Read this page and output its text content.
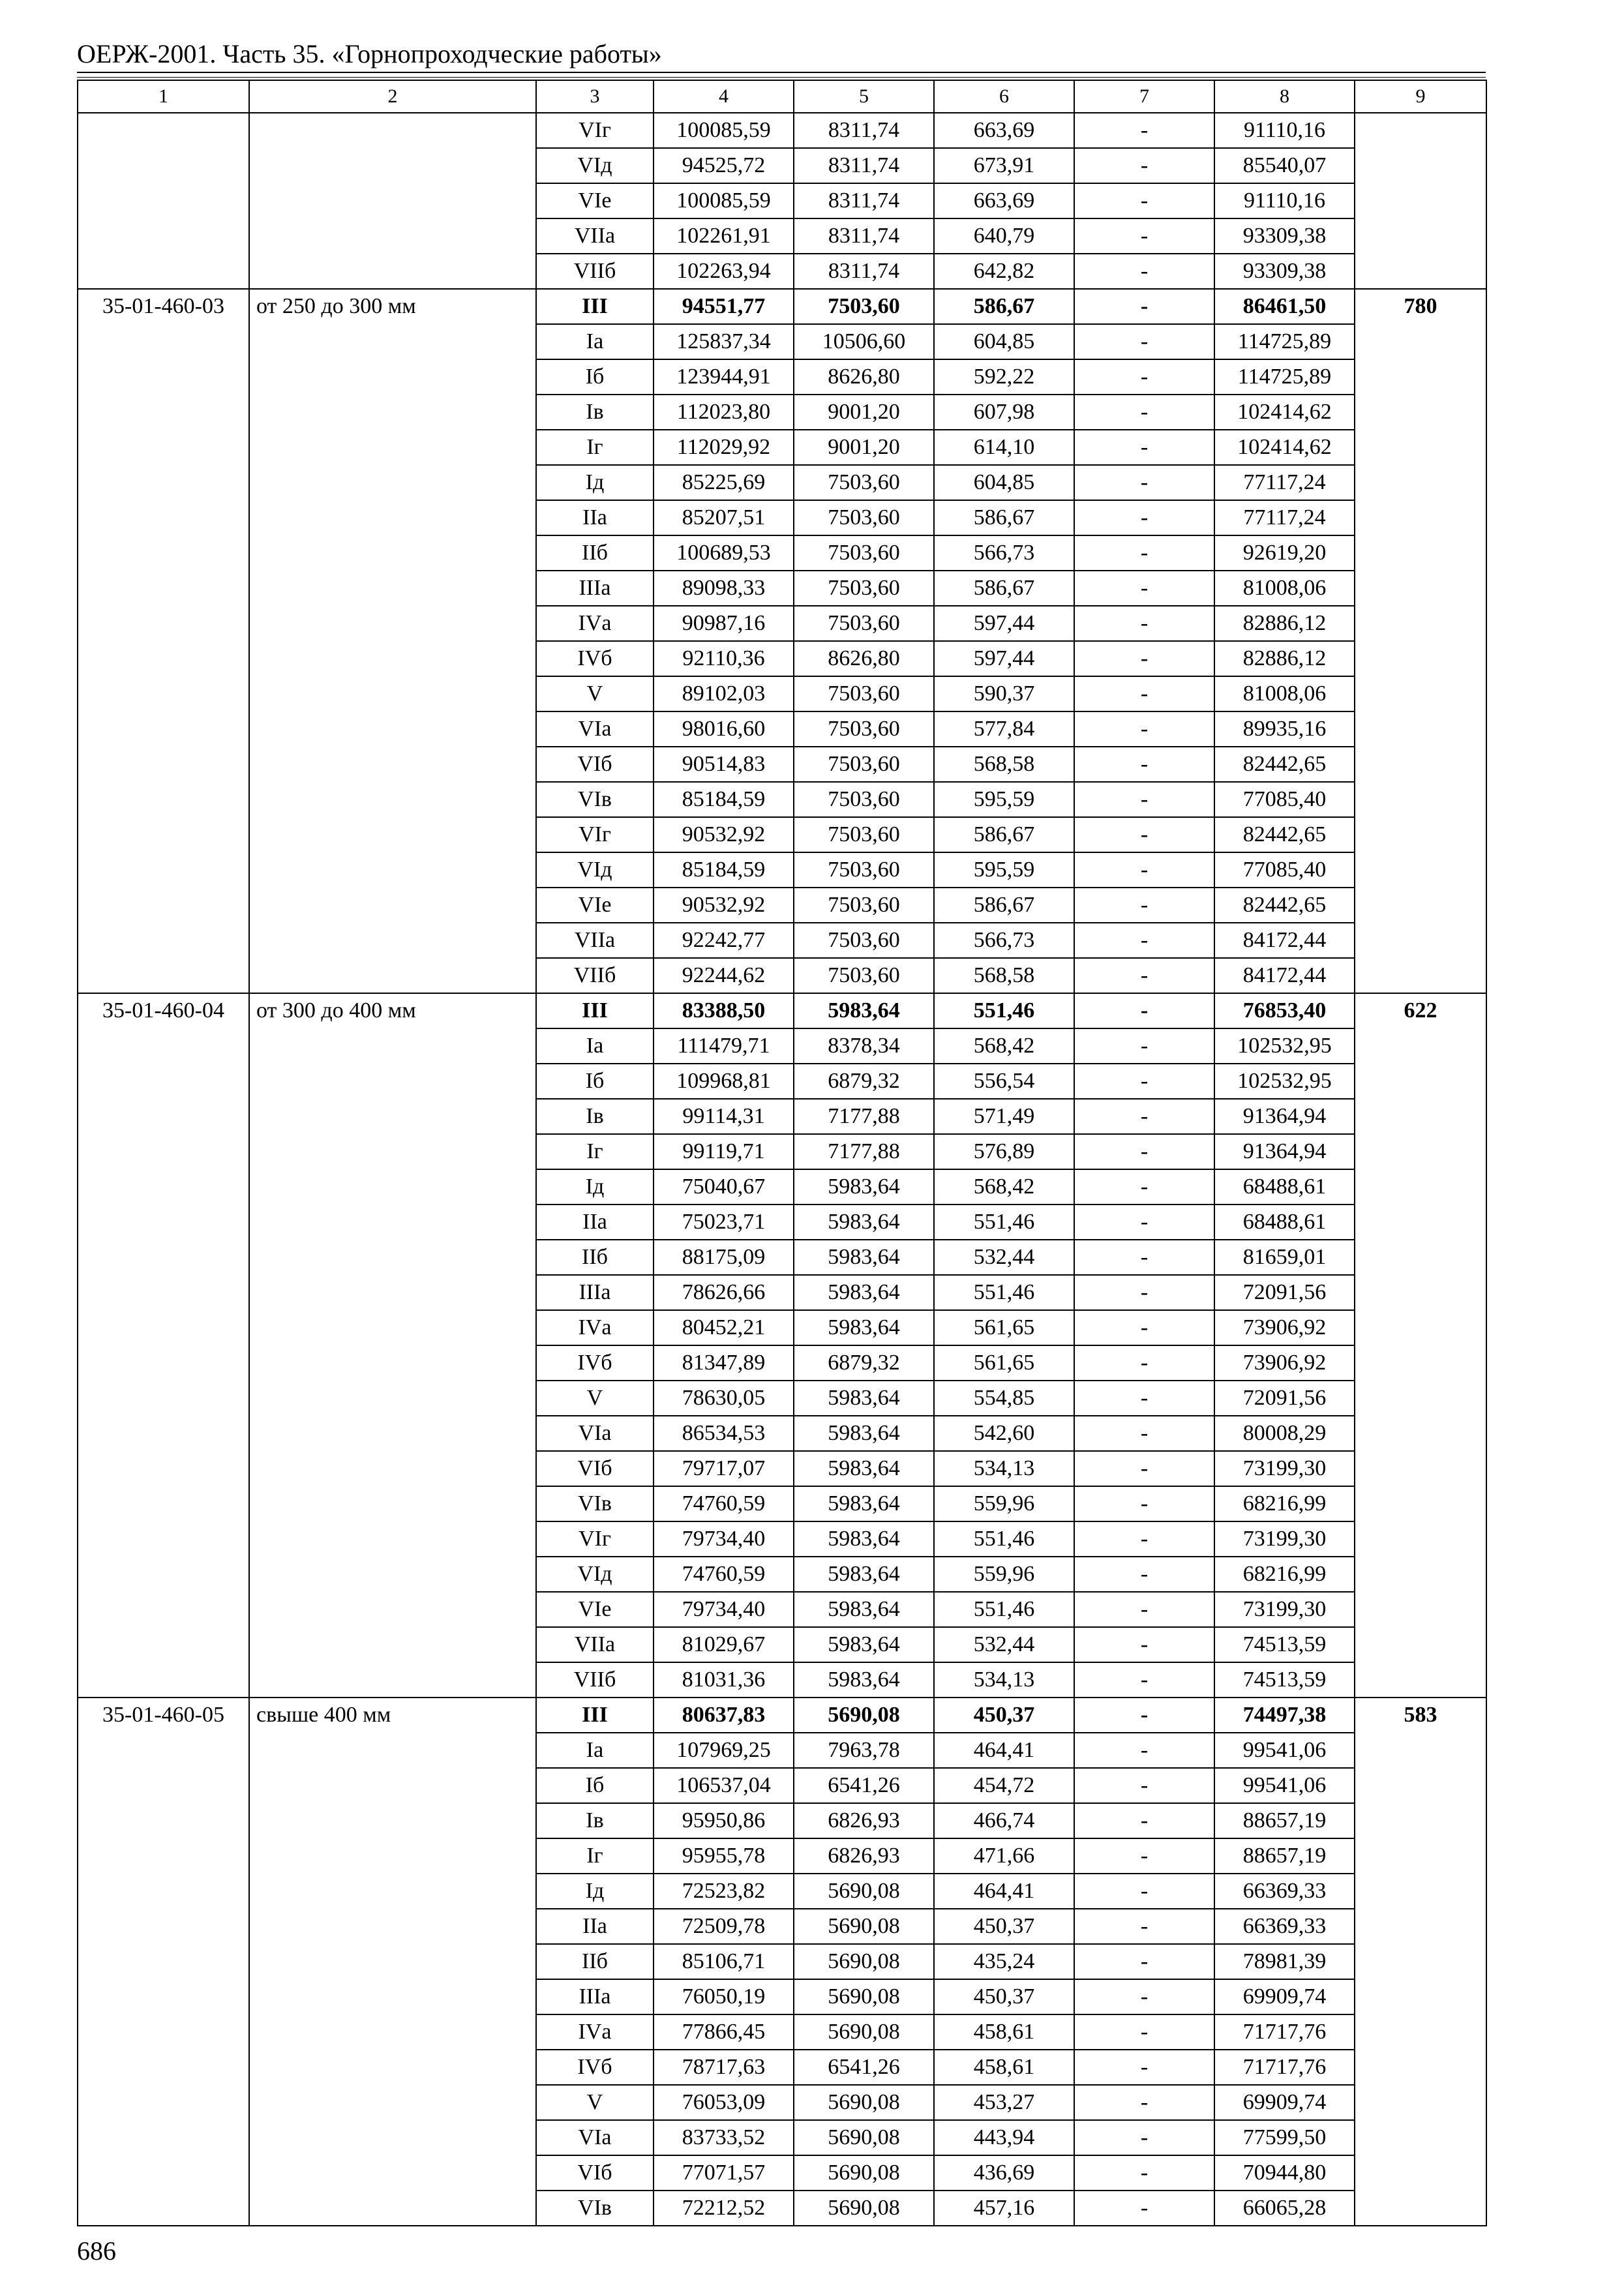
ОЕРЖ-2001. Часть 35. «Горнопроходческие работы»
1	2	3	4	5	6	7	8	9
		VIг	100085,59	8311,74	663,69	-	91110,16	
		VIд	94525,72	8311,74	673,91	-	85540,07	
		VIе	100085,59	8311,74	663,69	-	91110,16	
		VIIа	102261,91	8311,74	640,79	-	93309,38	
		VIIб	102263,94	8311,74	642,82	-	93309,38	
35-01-460-03	от 250 до 300 мм	III	94551,77	7503,60	586,67	-	86461,50	780
		Iа	125837,34	10506,60	604,85	-	114725,89	
		Iб	123944,91	8626,80	592,22	-	114725,89	
		Iв	112023,80	9001,20	607,98	-	102414,62	
		Iг	112029,92	9001,20	614,10	-	102414,62	
		Iд	85225,69	7503,60	604,85	-	77117,24	
		IIа	85207,51	7503,60	586,67	-	77117,24	
		IIб	100689,53	7503,60	566,73	-	92619,20	
		IIIа	89098,33	7503,60	586,67	-	81008,06	
		IVа	90987,16	7503,60	597,44	-	82886,12	
		IVб	92110,36	8626,80	597,44	-	82886,12	
		V	89102,03	7503,60	590,37	-	81008,06	
		VIа	98016,60	7503,60	577,84	-	89935,16	
		VIб	90514,83	7503,60	568,58	-	82442,65	
		VIв	85184,59	7503,60	595,59	-	77085,40	
		VIг	90532,92	7503,60	586,67	-	82442,65	
		VIд	85184,59	7503,60	595,59	-	77085,40	
		VIе	90532,92	7503,60	586,67	-	82442,65	
		VIIа	92242,77	7503,60	566,73	-	84172,44	
		VIIб	92244,62	7503,60	568,58	-	84172,44	
35-01-460-04	от 300 до 400 мм	III	83388,50	5983,64	551,46	-	76853,40	622
		Iа	111479,71	8378,34	568,42	-	102532,95	
		Iб	109968,81	6879,32	556,54	-	102532,95	
		Iв	99114,31	7177,88	571,49	-	91364,94	
		Iг	99119,71	7177,88	576,89	-	91364,94	
		Iд	75040,67	5983,64	568,42	-	68488,61	
		IIа	75023,71	5983,64	551,46	-	68488,61	
		IIб	88175,09	5983,64	532,44	-	81659,01	
		IIIа	78626,66	5983,64	551,46	-	72091,56	
		IVа	80452,21	5983,64	561,65	-	73906,92	
		IVб	81347,89	6879,32	561,65	-	73906,92	
		V	78630,05	5983,64	554,85	-	72091,56	
		VIа	86534,53	5983,64	542,60	-	80008,29	
		VIб	79717,07	5983,64	534,13	-	73199,30	
		VIв	74760,59	5983,64	559,96	-	68216,99	
		VIг	79734,40	5983,64	551,46	-	73199,30	
		VIд	74760,59	5983,64	559,96	-	68216,99	
		VIе	79734,40	5983,64	551,46	-	73199,30	
		VIIа	81029,67	5983,64	532,44	-	74513,59	
		VIIб	81031,36	5983,64	534,13	-	74513,59	
35-01-460-05	свыше 400 мм	III	80637,83	5690,08	450,37	-	74497,38	583
		Iа	107969,25	7963,78	464,41	-	99541,06	
		Iб	106537,04	6541,26	454,72	-	99541,06	
		Iв	95950,86	6826,93	466,74	-	88657,19	
		Iг	95955,78	6826,93	471,66	-	88657,19	
		Iд	72523,82	5690,08	464,41	-	66369,33	
		IIа	72509,78	5690,08	450,37	-	66369,33	
		IIб	85106,71	5690,08	435,24	-	78981,39	
		IIIа	76050,19	5690,08	450,37	-	69909,74	
		IVа	77866,45	5690,08	458,61	-	71717,76	
		IVб	78717,63	6541,26	458,61	-	71717,76	
		V	76053,09	5690,08	453,27	-	69909,74	
		VIа	83733,52	5690,08	443,94	-	77599,50	
		VIб	77071,57	5690,08	436,69	-	70944,80	
		VIв	72212,52	5690,08	457,16	-	66065,28	
686
